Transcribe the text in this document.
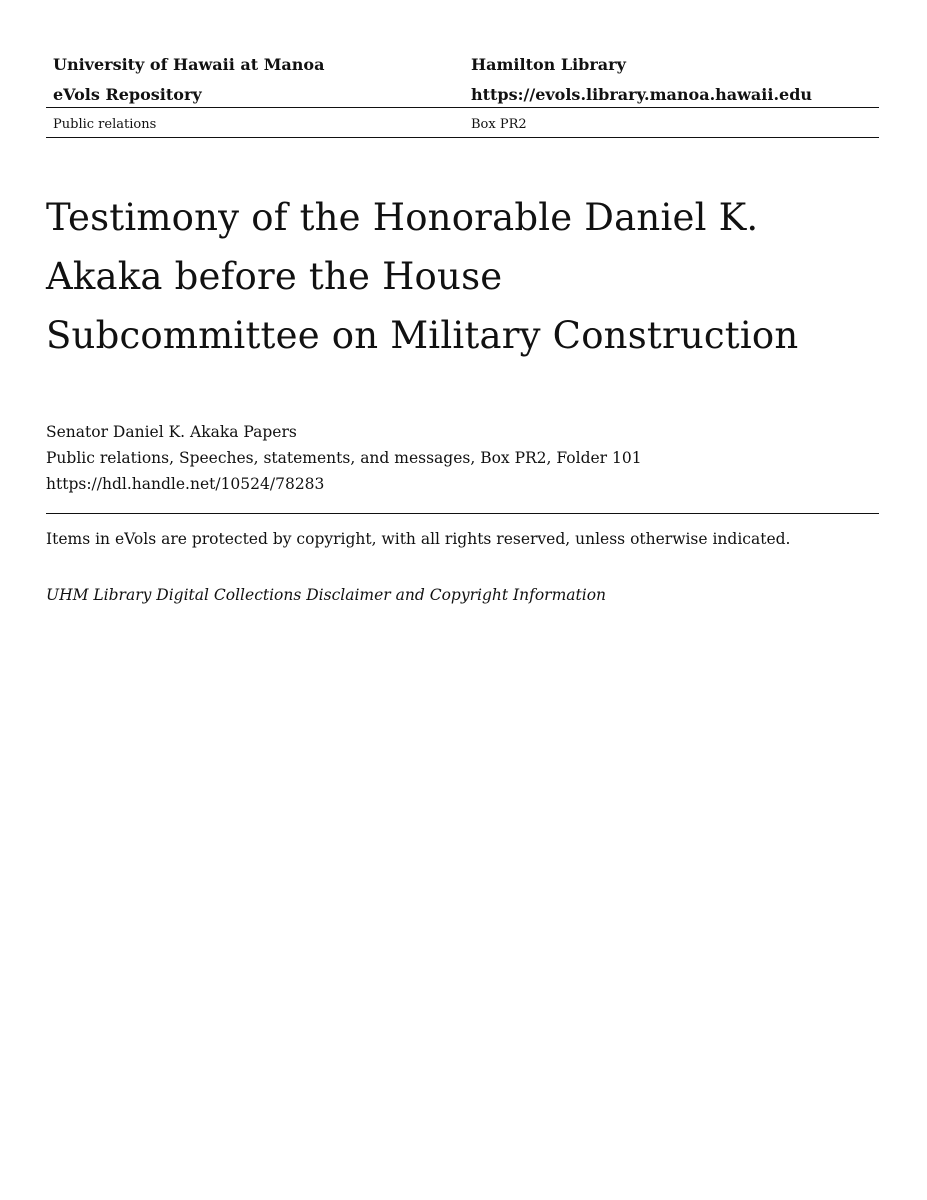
University of Hawaii at Manoa	Hamilton Library
eVols Repository	https://evols.library.manoa.hawaii.edu
Public relations	Box PR2
Testimony of the Honorable Daniel K.
Akaka before the House
Subcommittee on Military Construction
Senator Daniel K. Akaka Papers
Public relations, Speeches, statements, and messages, Box PR2, Folder 101
https://hdl.handle.net/10524/78283
Items in eVols are protected by copyright, with all rights reserved, unless otherwise indicated.
UHM Library Digital Collections Disclaimer and Copyright Information
